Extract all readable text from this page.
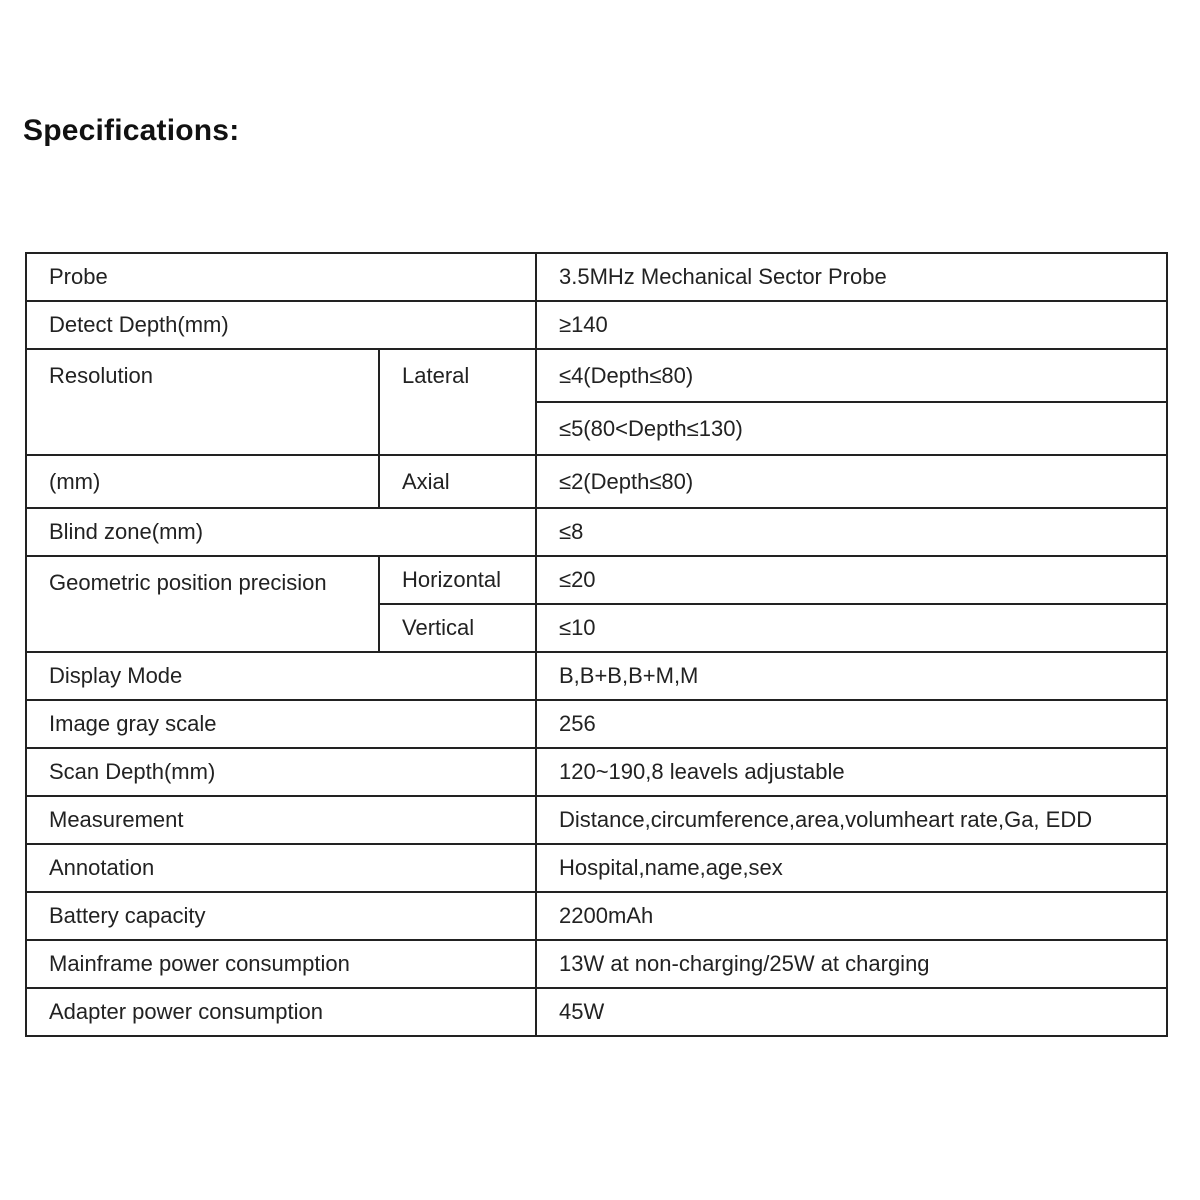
Specifications:
Probe		3.5MHz Mechanical Sector Probe
Detect Depth(mm)		≥140
Resolution	Lateral	≤4(Depth≤80)
		≤5(80<Depth≤130)
(mm)	Axial	≤2(Depth≤80)
Blind zone(mm)		≤8
Geometric position precision	Horizontal	≤20
	Vertical	≤10
Display Mode		B,B+B,B+M,M
Image gray scale		256
Scan Depth(mm)		120~190,8 leavels adjustable
Measurement		Distance,circumference,area,volumheart rate,Ga, EDD
Annotation		Hospital,name,age,sex
Battery capacity		2200mAh
Mainframe power consumption		13W at non-charging/25W at charging
Adapter power consumption		45W
